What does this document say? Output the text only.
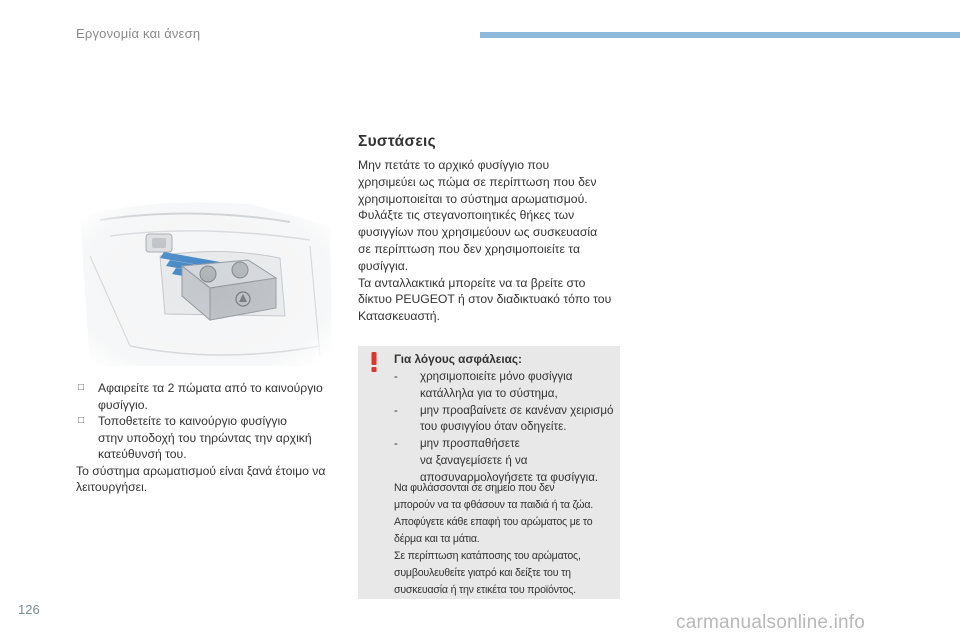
Εργονομία και άνεση
□ Αφαιρείτε τα 2 πώματα από το καινούργιο
φυσίγγιο.
□ Τοποθετείτε το καινούργιο φυσίγγιο
στην υποδοχή του τηρώντας την αρχική
κατεύθυνσή του.
Το σύστημα αρωματισμού είναι ξανά έτοιμο να
λειτουργήσει.
Συστάσεις

Μην πετάτε το αρχικό φυσίγγιο που

χρησιμεύει ως πώμα σε περίπτωση που δεν

χρησιμοποιείται το σύστημα αρωματισμού.

Φυλάξτε τις στεγανοποιητικές θήκες των

φυσιγγίων που χρησιμεύουν ως συσκευασία

σε περίπτωση που δεν χρησιμοποιείτε τα

φυσίγγια.

Τα ανταλλακτικά μπορείτε να τα βρείτε στο

δίκτυο PEUGEOT ή στον διαδικτυακό τόπο του

Κατασκευαστή.

Για λόγους ασφάλειας:
- χρησιμοποιείτε μόνο φυσίγγια
κατάλληλα για το σύστημα,
- μην προαβαίνετε σε κανέναν χειρισμό
του φυσιγγίου όταν οδηγείτε.
- μην προσπαθήσετε
να ξαναγεμίσετε ή να
αποσυναρμολογήσετε τα φυσίγγια.
Να φυλάσσονται σε σημείο που δεν
μπορούν να τα φθάσουν τα παιδιά ή τα ζώα.
Αποφύγετε κάθε επαφή του αρώματος με το
δέρμα και τα μάτια.
Σε περίπτωση κατάποσης του αρώματος,
συμβουλευθείτε γιατρό και δείξτε του τη
συσκευασία ή την ετικέτα του προϊόντος.
126
carmanualsonline.info
